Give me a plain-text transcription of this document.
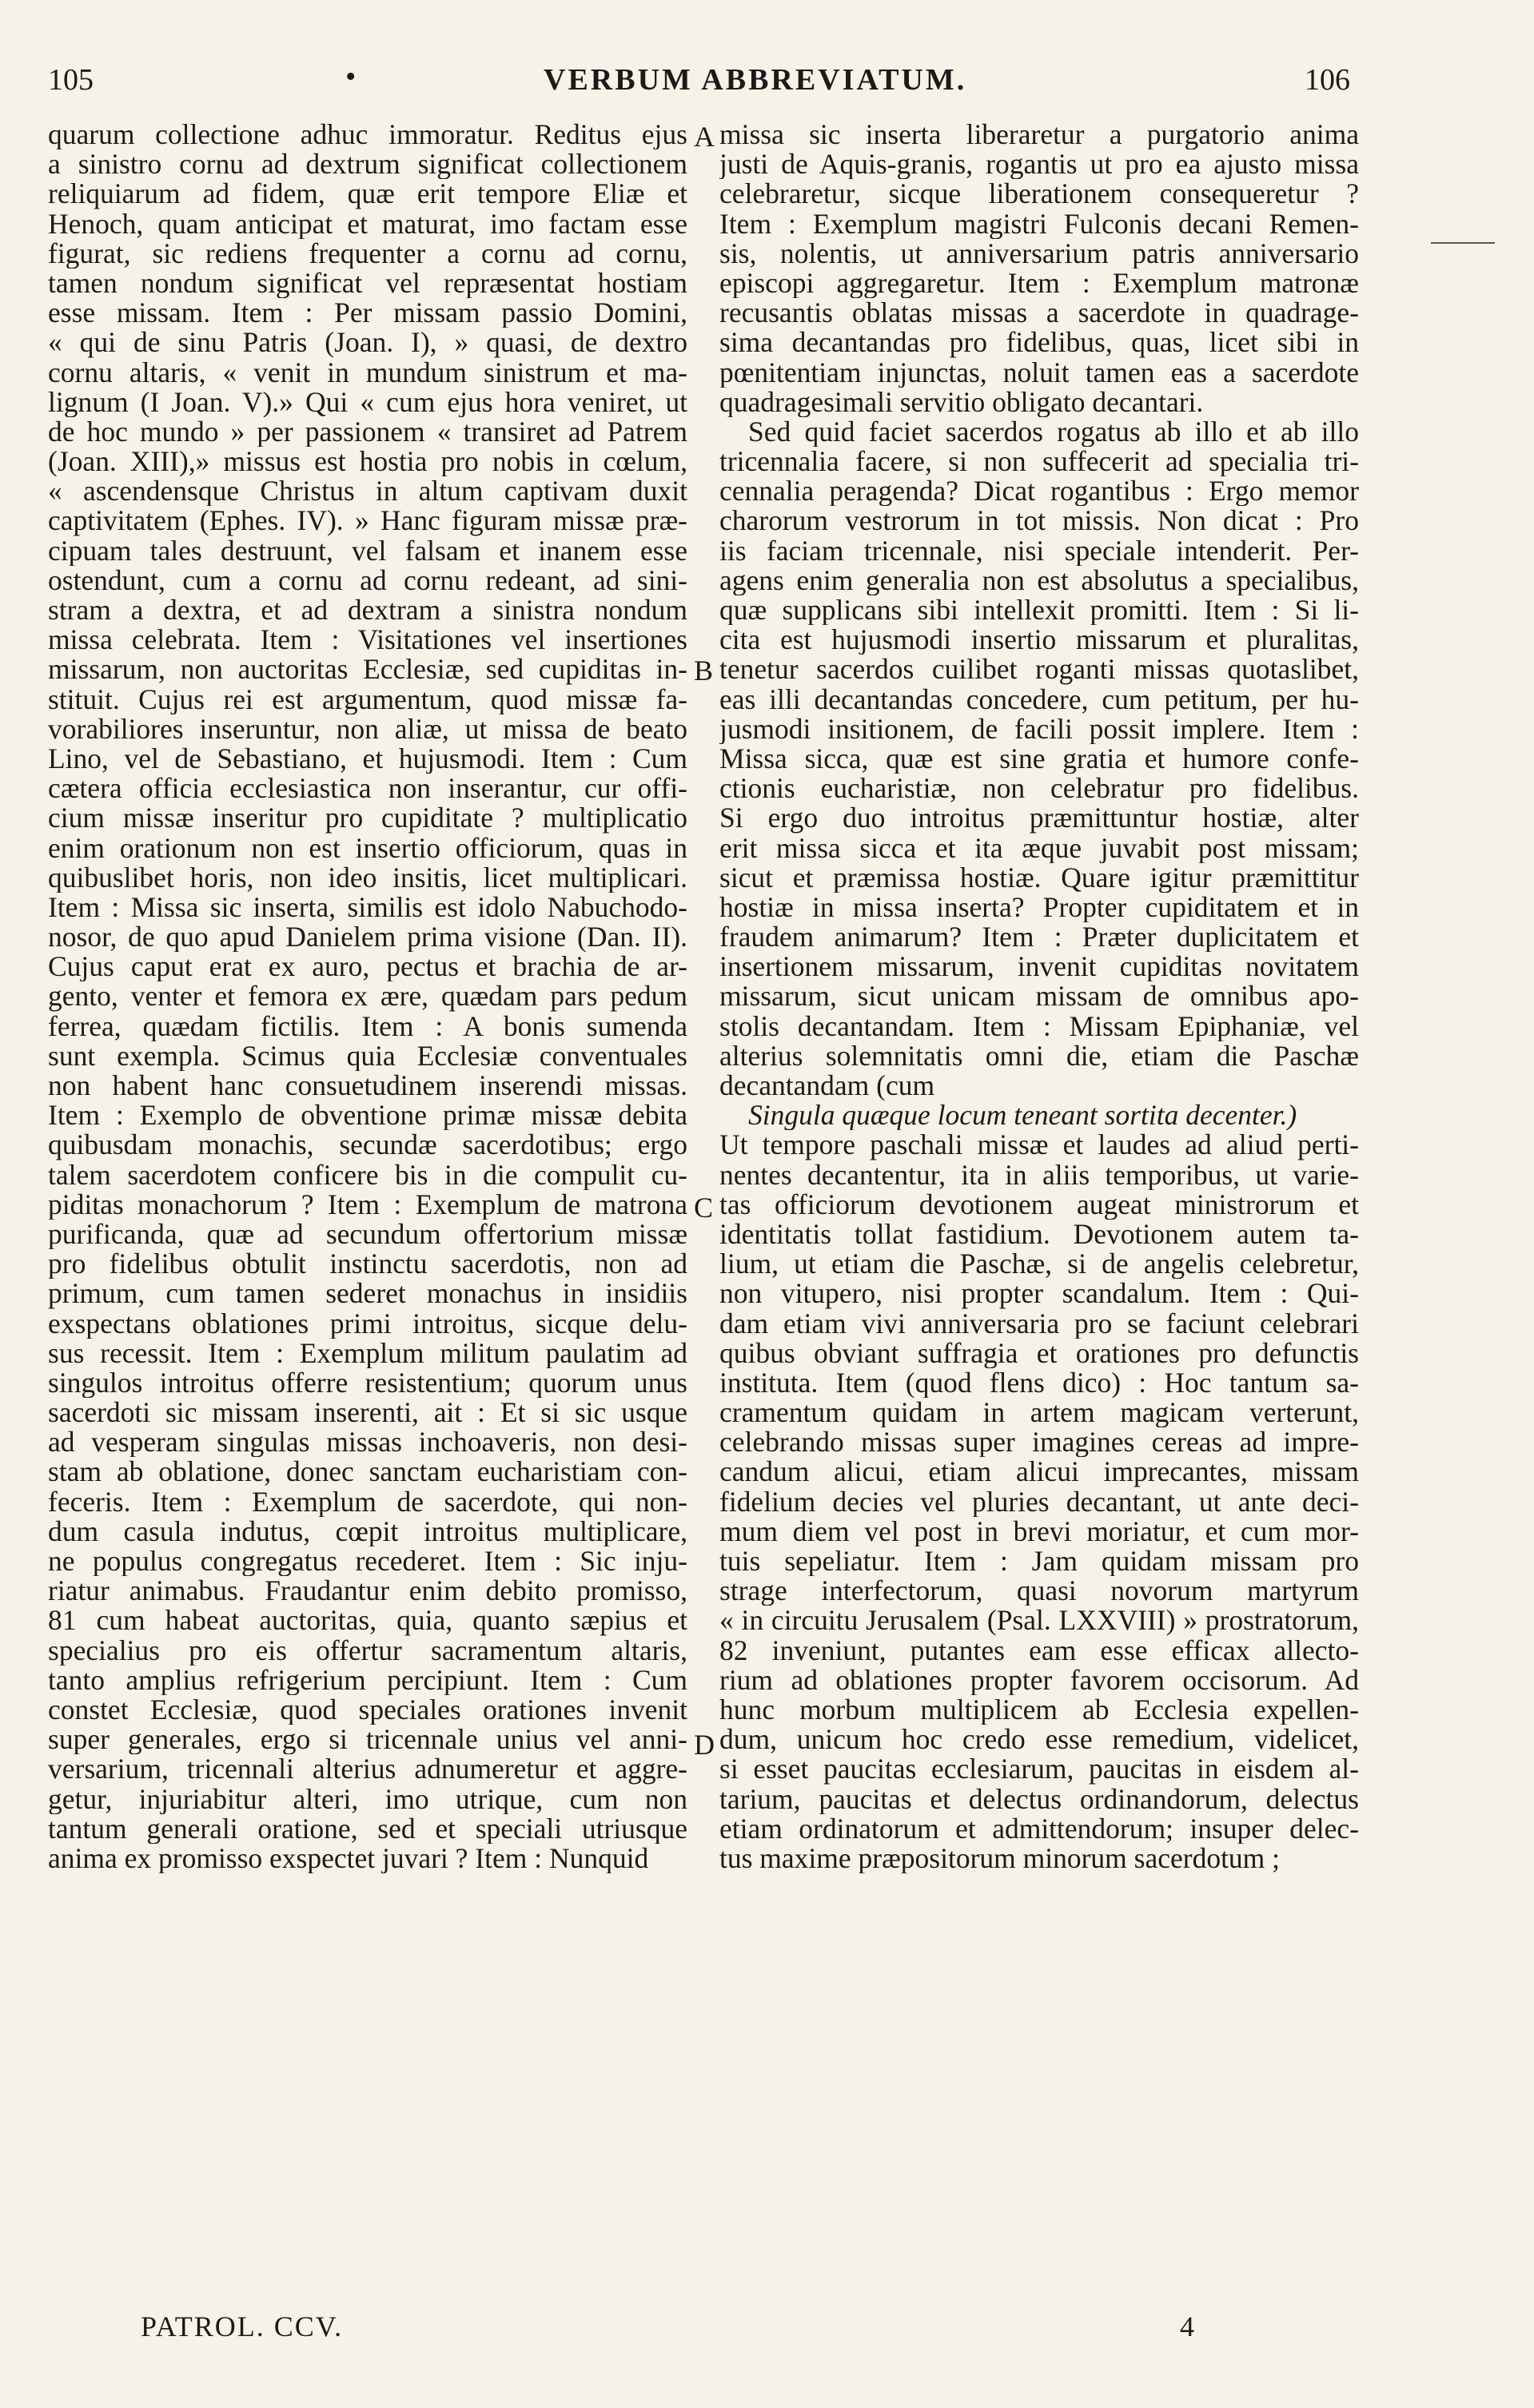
105	•	VERBUM ABBREVIATUM.	106
quarum collectione adhuc immoratur. Reditus ejus
a sinistro cornu ad dextrum significat collectionem
reliquiarum ad fidem, quæ erit tempore Eliæ et
Henoch, quam anticipat et maturat, imo factam esse
figurat, sic rediens frequenter a cornu ad cornu,
tamen nondum significat vel repræsentat hostiam
esse missam. Item : Per missam passio Domini,
« qui de sinu Patris (Joan. I), » quasi, de dextro
cornu altaris, « venit in mundum sinistrum et ma-
lignum (I Joan. V).» Qui « cum ejus hora veniret, ut
de hoc mundo » per passionem « transiret ad Patrem
(Joan. XIII),» missus est hostia pro nobis in cœlum,
« ascendensque Christus in altum captivam duxit
captivitatem (Ephes. IV). » Hanc figuram missæ præ-
cipuam tales destruunt, vel falsam et inanem esse
ostendunt, cum a cornu ad cornu redeant, ad sini-
stram a dextra, et ad dextram a sinistra nondum
missa celebrata. Item : Visitationes vel insertiones
missarum, non auctoritas Ecclesiæ, sed cupiditas in-
stituit. Cujus rei est argumentum, quod missæ fa-
vorabiliores inseruntur, non aliæ, ut missa de beato
Lino, vel de Sebastiano, et hujusmodi. Item : Cum
cætera officia ecclesiastica non inserantur, cur offi-
cium missæ inseritur pro cupiditate ? multiplicatio
enim orationum non est insertio officiorum, quas in
quibuslibet horis, non ideo insitis, licet multiplicari.
Item : Missa sic inserta, similis est idolo Nabuchodo-
nosor, de quo apud Danielem prima visione (Dan. II).
Cujus caput erat ex auro, pectus et brachia de ar-
gento, venter et femora ex ære, quædam pars pedum
ferrea, quædam fictilis. Item : A bonis sumenda
sunt exempla. Scimus quia Ecclesiæ conventuales
non habent hanc consuetudinem inserendi missas.
Item : Exemplo de obventione primæ missæ debita
quibusdam monachis, secundæ sacerdotibus; ergo
talem sacerdotem conficere bis in die compulit cu-
piditas monachorum ? Item : Exemplum de matrona
purificanda, quæ ad secundum offertorium missæ
pro fidelibus obtulit instinctu sacerdotis, non ad
primum, cum tamen sederet monachus in insidiis
exspectans oblationes primi introitus, sicque delu-
sus recessit. Item : Exemplum militum paulatim ad
singulos introitus offerre resistentium; quorum unus
sacerdoti sic missam inserenti, ait : Et si sic usque
ad vesperam singulas missas inchoaveris, non desi-
stam ab oblatione, donec sanctam eucharistiam con-
feceris. Item : Exemplum de sacerdote, qui non-
dum casula indutus, cœpit introitus multiplicare,
ne populus congregatus recederet. Item : Sic inju-
riatur animabus. Fraudantur enim debito promisso,
81 cum habeat auctoritas, quia, quanto sæpius et
specialius pro eis offertur sacramentum altaris,
tanto amplius refrigerium percipiunt. Item : Cum
constet Ecclesiæ, quod speciales orationes invenit
super generales, ergo si tricennale unius vel anni-
versarium, tricennali alterius adnumeretur et aggre-
getur, injuriabitur alteri, imo utrique, cum non
tantum generali oratione, sed et speciali utriusque
anima ex promisso exspectet juvari ? Item : Nunquid
missa sic inserta liberaretur a purgatorio anima
justi de Aquis-granis, rogantis ut pro ea ajusto missa
celebraretur, sicque liberationem consequeretur ?
Item : Exemplum magistri Fulconis decani Remen-
sis, nolentis, ut anniversarium patris anniversario
episcopi aggregaretur. Item : Exemplum matronæ
recusantis oblatas missas a sacerdote in quadrage-
sima decantandas pro fidelibus, quas, licet sibi in
pœnitentiam injunctas, noluit tamen eas a sacerdote
quadragesimali servitio obligato decantari.
Sed quid faciet sacerdos rogatus ab illo et ab illo
tricennalia facere, si non suffecerit ad specialia tri-
cennalia peragenda? Dicat rogantibus : Ergo memor
charorum vestrorum in tot missis. Non dicat : Pro
iis faciam tricennale, nisi speciale intenderit. Per-
agens enim generalia non est absolutus a specialibus,
quæ supplicans sibi intellexit promitti. Item : Si li-
cita est hujusmodi insertio missarum et pluralitas,
tenetur sacerdos cuilibet roganti missas quotaslibet,
eas illi decantandas concedere, cum petitum, per hu-
jusmodi insitionem, de facili possit implere. Item :
Missa sicca, quæ est sine gratia et humore confe-
ctionis eucharistiæ, non celebratur pro fidelibus.
Si ergo duo introitus præmittuntur hostiæ, alter
erit missa sicca et ita æque juvabit post missam;
sicut et præmissa hostiæ. Quare igitur præmittitur
hostiæ in missa inserta? Propter cupiditatem et in
fraudem animarum? Item : Præter duplicitatem et
insertionem missarum, invenit cupiditas novitatem
missarum, sicut unicam missam de omnibus apo-
stolis decantandam. Item : Missam Epiphaniæ, vel
alterius solemnitatis omni die, etiam die Paschæ
decantandam (cum
Singula quæque locum teneant sortita decenter.)
Ut tempore paschali missæ et laudes ad aliud perti-
nentes decantentur, ita in aliis temporibus, ut varie-
tas officiorum devotionem augeat ministrorum et
identitatis tollat fastidium. Devotionem autem ta-
lium, ut etiam die Paschæ, si de angelis celebretur,
non vitupero, nisi propter scandalum. Item : Qui-
dam etiam vivi anniversaria pro se faciunt celebrari
quibus obviant suffragia et orationes pro defunctis
instituta. Item (quod flens dico) : Hoc tantum sa-
cramentum quidam in artem magicam verterunt,
celebrando missas super imagines cereas ad impre-
candum alicui, etiam alicui imprecantes, missam
fidelium decies vel pluries decantant, ut ante deci-
mum diem vel post in brevi moriatur, et cum mor-
tuis sepeliatur. Item : Jam quidam missam pro
strage interfectorum, quasi novorum martyrum
« in circuitu Jerusalem (Psal. LXXVIII) » prostratorum,
82 inveniunt, putantes eam esse efficax allecto-
rium ad oblationes propter favorem occisorum. Ad
hunc morbum multiplicem ab Ecclesia expellen-
dum, unicum hoc credo esse remedium, videlicet,
si esset paucitas ecclesiarum, paucitas in eisdem al-
tarium, paucitas et delectus ordinandorum, delectus
etiam ordinatorum et admittendorum; insuper delec-
tus maxime præpositorum minorum sacerdotum ;
A
B
C
D
PATROL. CCV.	4
